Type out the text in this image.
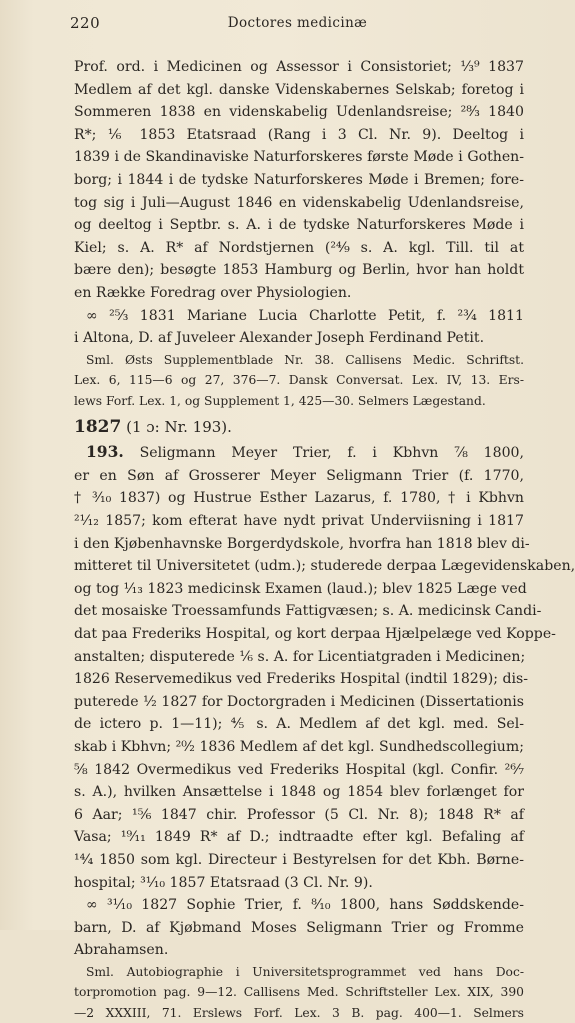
220	Doctores medicinæ
Prof. ord. i Medicinen og Assessor i Consistoriet; ⅓⁹ 1837
Medlem af det kgl. danske Videnskabernes Selskab; foretog i
Sommeren 1838 en videnskabelig Udenlandsreise; ²⁸⁄₃ 1840
R*; ⅙ 1853 Etatsraad (Rang i 3 Cl. Nr. 9). Deeltog i
1839 i de Skandinaviske Naturforskeres første Møde i Gothen-
borg; i 1844 i de tydske Naturforskeres Møde i Bremen; fore-
tog sig i Juli—August 1846 en videnskabelig Udenlandsreise,
og deeltog i Septbr. s. A. i de tydske Naturforskeres Møde i
Kiel; s. A. R* af Nordstjernen (²⁴⁄₉ s. A. kgl. Till. til at
bære den); besøgte 1853 Hamburg og Berlin, hvor han holdt
en Række Foredrag over Physiologien.
∞ ²⁵⁄₃ 1831 Mariane Lucia Charlotte Petit, f. ²³⁄₄ 1811
i Altona, D. af Juveleer Alexander Joseph Ferdinand Petit.
Sml. Østs Supplementblade Nr. 38. Callisens Medic. Schriftst.
Lex. 6, 115—6 og 27, 376—7. Dansk Conversat. Lex. IV, 13. Ers-
lews Forf. Lex. 1, og Supplement 1, 425—30. Selmers Lægestand.
1827 (1 ɔ: Nr. 193).
193. Seligmann Meyer Trier, f. i Kbhvn ⅞ 1800,
er en Søn af Grosserer Meyer Seligmann Trier (f. 1770,
† ³⁄₁₀ 1837) og Hustrue Esther Lazarus, f. 1780, † i Kbhvn
²¹⁄₁₂ 1857; kom efterat have nydt privat Underviisning i 1817
i den Kjøbenhavnske Borgerdydskole, hvorfra han 1818 blev di-
mitteret til Universitetet (udm.); studerede derpaa Lægevidenskaben,
og tog ¹⁄₁₃ 1823 medicinsk Examen (laud.); blev 1825 Læge ved
det mosaiske Troessamfunds Fattigvæsen; s. A. medicinsk Candi-
dat paa Frederiks Hospital, og kort derpaa Hjælpelæge ved Koppe-
anstalten; disputerede ⅙ s. A. for Licentiatgraden i Medicinen;
1826 Reservemedikus ved Frederiks Hospital (indtil 1829); dis-
puterede ¹⁄₂ 1827 for Doctorgraden i Medicinen (Dissertationis
de ictero p. 1—11); ⅘ s. A. Medlem af det kgl. med. Sel-
skab i Kbhvn; ²⁰⁄₂ 1836 Medlem af det kgl. Sundhedscollegium;
⅝ 1842 Overmedikus ved Frederiks Hospital (kgl. Confir. ²⁶⁄₇
s. A.), hvilken Ansættelse i 1848 og 1854 blev forlænget for
6 Aar; ¹⁵⁄₆ 1847 chir. Professor (5 Cl. Nr. 8); 1848 R* af
Vasa; ¹⁹⁄₁₁ 1849 R* af D.; indtraadte efter kgl. Befaling af
¹⁴⁄₄ 1850 som kgl. Directeur i Bestyrelsen for det Kbh. Børne-
hospital; ³¹⁄₁₀ 1857 Etatsraad (3 Cl. Nr. 9).
∞ ³¹⁄₁₀ 1827 Sophie Trier, f. ⁸⁄₁₀ 1800, hans Søddskende-
barn, D. af Kjøbmand Moses Seligmann Trier og Fromme
Abrahamsen.
Sml. Autobiographie i Universitetsprogrammet ved hans Doc-
torpromotion pag. 9—12. Callisens Med. Schriftsteller Lex. XIX, 390
—2 XXXIII, 71. Erslews Forf. Lex. 3 B. pag. 400—1. Selmers
